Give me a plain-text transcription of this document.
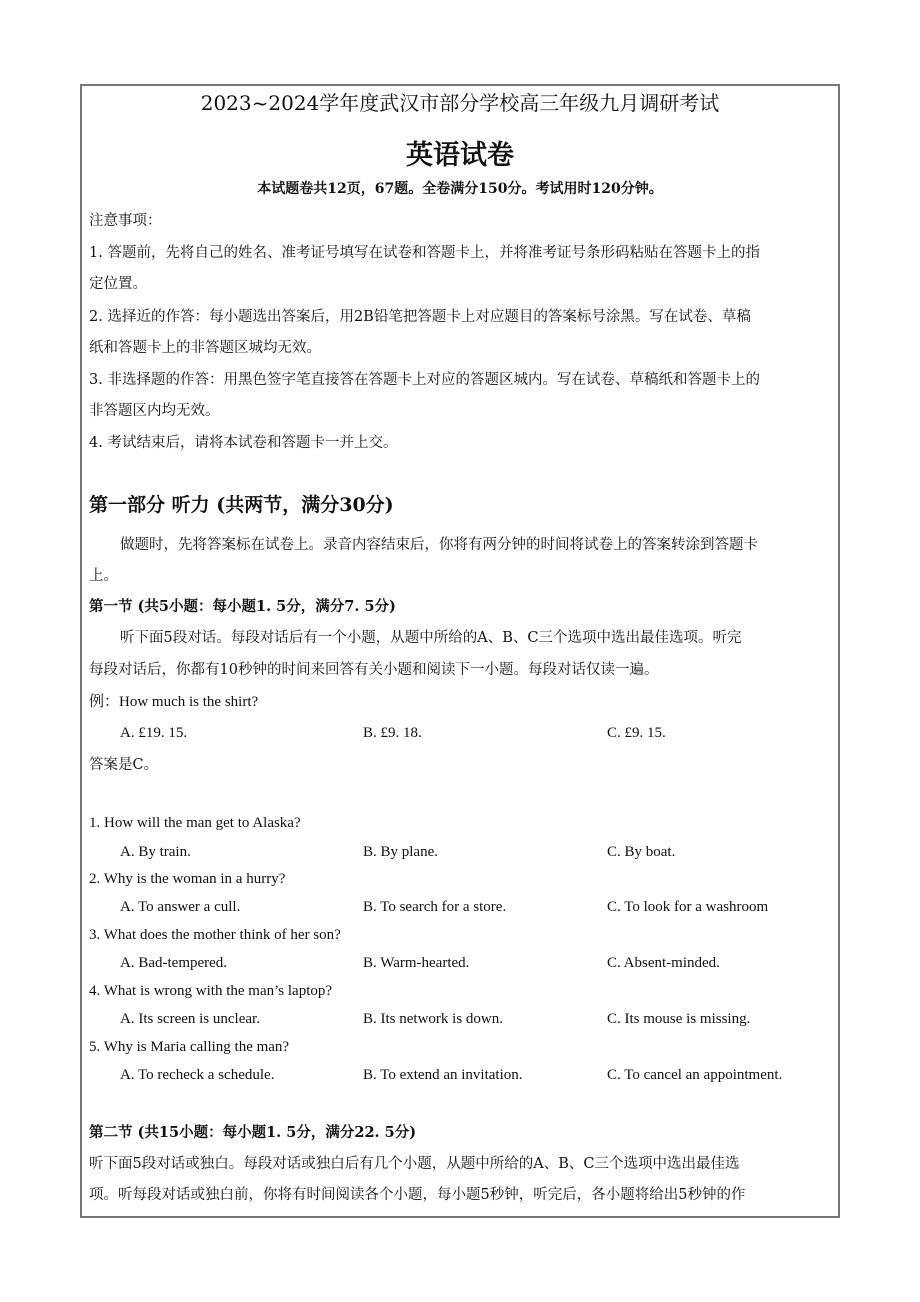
2023~2024学年度武汉市部分学校高三年级九月调研考试
英语试卷
本试题卷共12页，67题。全卷满分150分。考试用时120分钟。
注意事项：
1. 答题前，先将自己的姓名、准考证号填写在试卷和答题卡上，并将准考证号条形码粘贴在答题卡上的指
定位置。
2. 选择近的作答：每小题选出答案后，用2B铅笔把答题卡上对应题目的答案标号涂黑。写在试卷、草稿
纸和答题卡上的非答题区城均无效。
3. 非选择题的作答：用黑色签字笔直接答在答题卡上对应的答题区城内。写在试卷、草稿纸和答题卡上的
非答题区内均无效。
4. 考试结束后，请将本试卷和答题卡一并上交。
第一部分 听力 (共两节，满分30分)
做题时，先将答案标在试卷上。录音内容结束后，你将有两分钟的时间将试卷上的答案转涂到答题卡
上。
第一节 (共5小题：每小题1. 5分，满分7. 5分)
听下面5段对话。每段对话后有一个小题，从题中所给的A、B、C三个选项中选出最佳选项。听完
每段对话后，你都有10秒钟的时间来回答有关小题和阅读下一小题。每段对话仅读一遍。
例：How much is the shirt?
A. £19. 15.	B. £9. 18.	C. £9. 15.
答案是C。
1. How will the man get to Alaska?
A. By train.	B. By plane.	C. By boat.
2. Why is the woman in a hurry?
A. To answer a cull.	B. To search for a store.	C. To look for a washroom
3. What does the mother think of her son?
A. Bad-tempered.	B. Warm-hearted.	C. Absent-minded.
4. What is wrong with the man’s laptop?
A. Its screen is unclear.	B. Its network is down.	C. Its mouse is missing.
5. Why is Maria calling the man?
A. To recheck a schedule.	B. To extend an invitation.	C. To cancel an appointment.
第二节 (共15小题：每小题1. 5分，满分22. 5分)
听下面5段对话或独白。每段对话或独白后有几个小题，从题中所给的A、B、C三个选项中选出最佳选
项。听每段对话或独白前，你将有时间阅读各个小题，每小题5秒钟，听完后，各小题将给出5秒钟的作
